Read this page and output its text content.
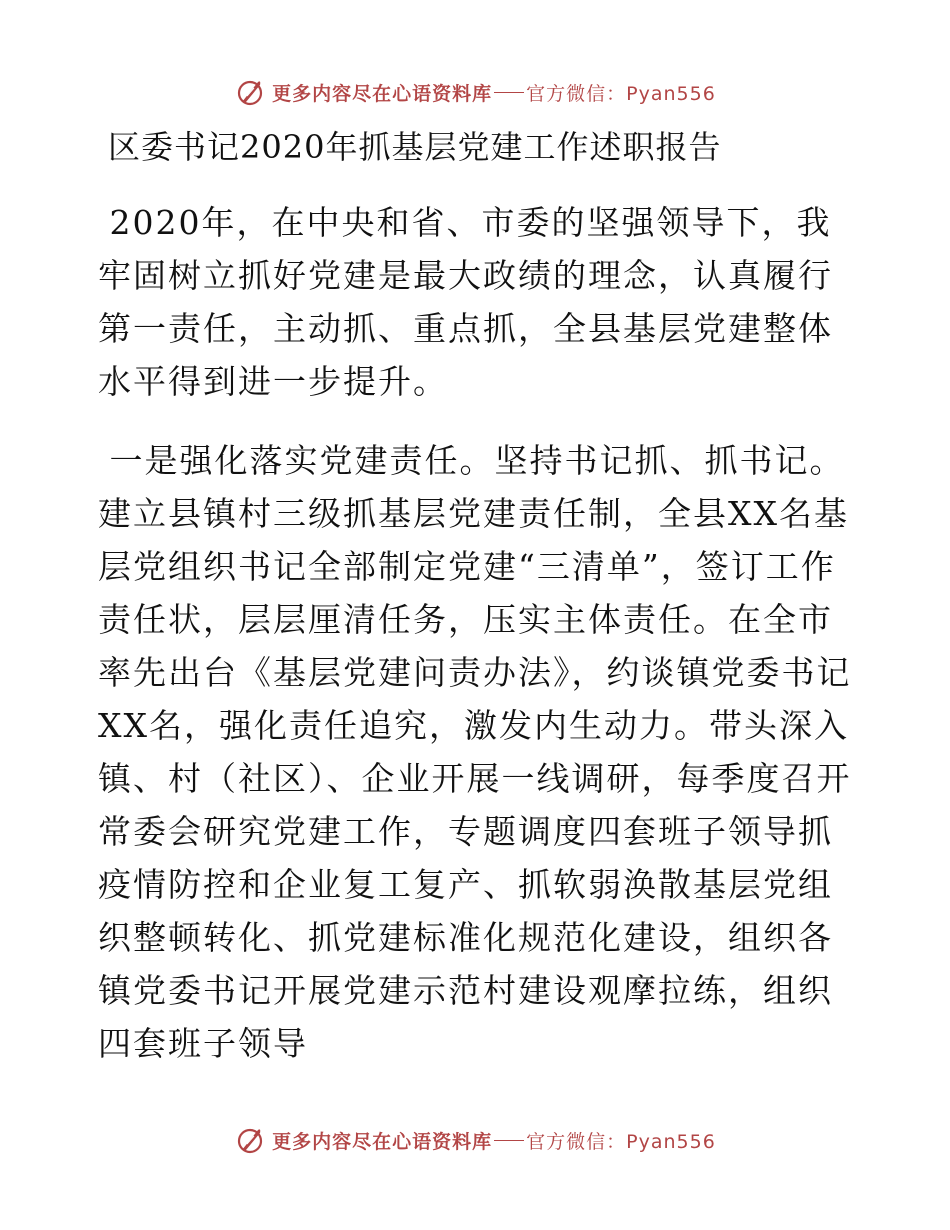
更多内容尽在心语资料库 官方微信：Pyan556
区委书记2020年抓基层党建工作述职报告

2020年，在中央和省、市委的坚强领导下，我牢固树立抓好党建是最大政绩的理念，认真履行第一责任，主动抓、重点抓，全县基层党建整体水平得到进一步提升。

一是强化落实党建责任。坚持书记抓、抓书记。建立县镇村三级抓基层党建责任制，全县XX名基层党组织书记全部制定党建“三清单”，签订工作责任状，层层厘清任务，压实主体责任。在全市率先出台《基层党建问责办法》，约谈镇党委书记XX名，强化责任追究，激发内生动力。带头深入镇、村（社区）、企业开展一线调研，每季度召开常委会研究党建工作，专题调度四套班子领导抓疫情防控和企业复工复产、抓软弱涣散基层党组织整顿转化、抓党建标准化规范化建设，组织各镇党委书记开展党建示范村建设观摩拉练，组织四套班子领导

更多内容尽在心语资料库 官方微信：Pyan556
